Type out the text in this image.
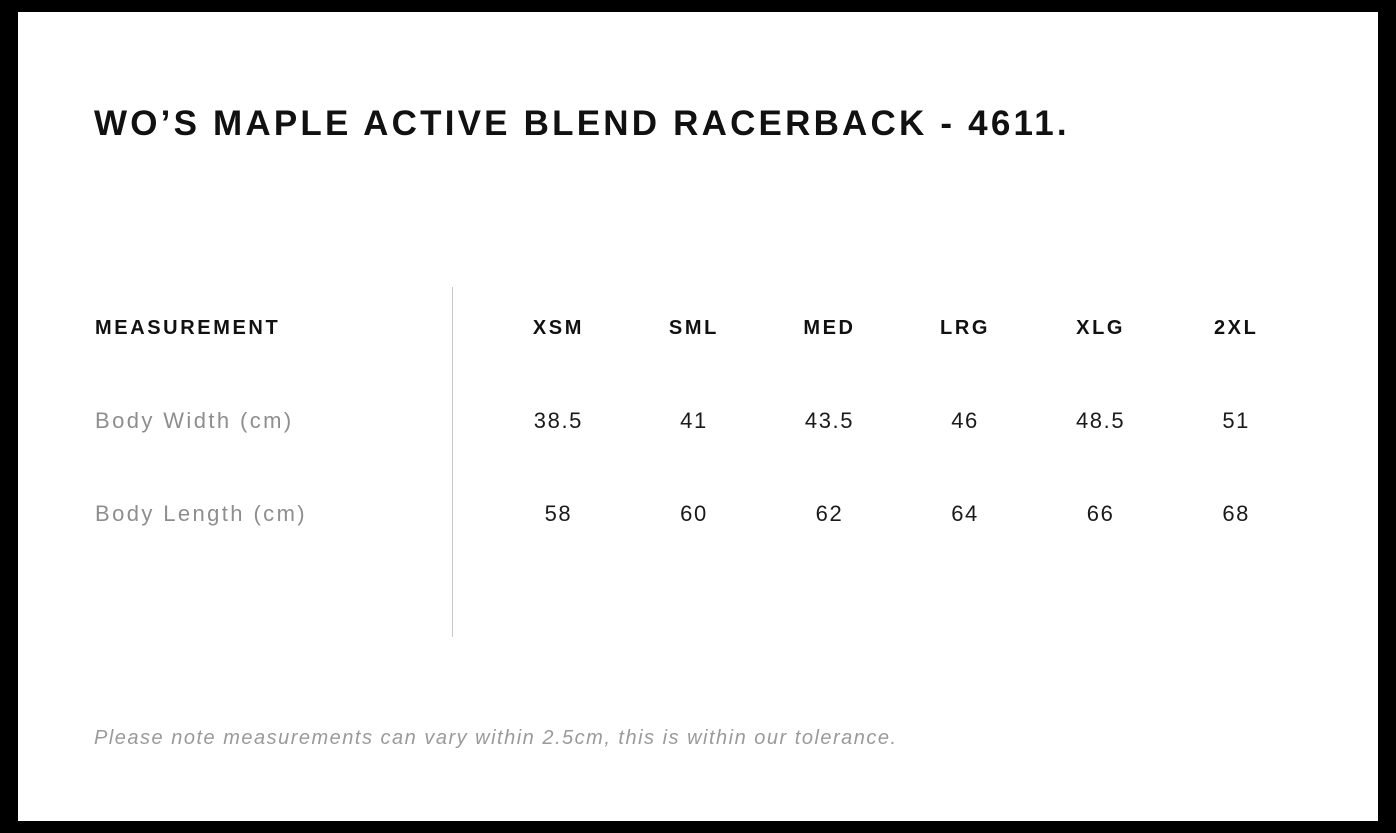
WO’S MAPLE ACTIVE BLEND RACERBACK - 4611.
MEASUREMENT	XSM	SML	MED	LRG	XLG	2XL
Body Width (cm)	38.5	41	43.5	46	48.5	51
Body Length (cm)	58	60	62	64	66	68
Please note measurements can vary within 2.5cm, this is within our tolerance.
